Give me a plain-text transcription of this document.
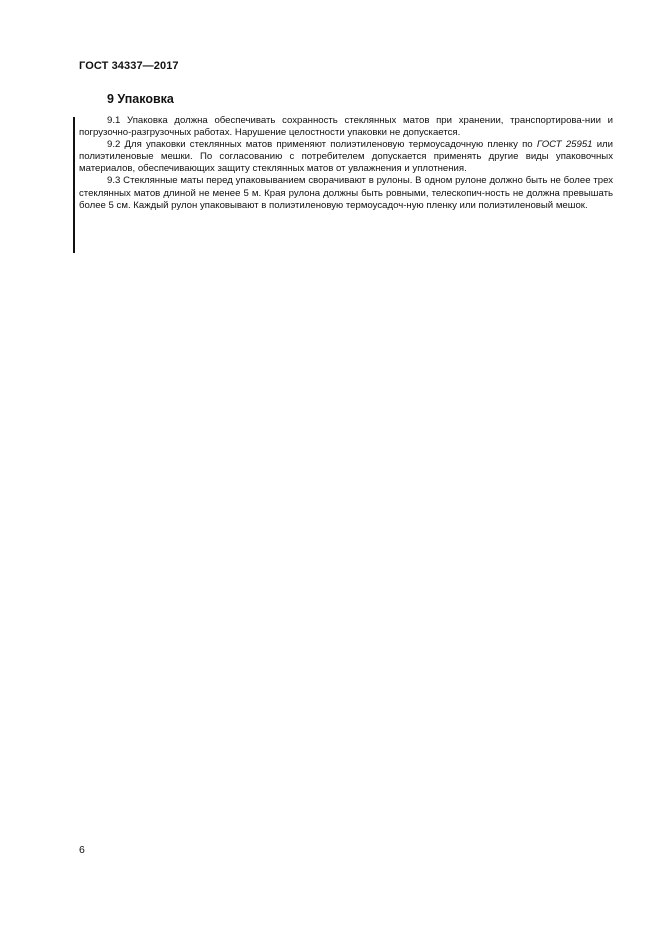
ГОСТ 34337—2017
9 Упаковка

9.1 Упаковка должна обеспечивать сохранность стеклянных матов при хранении, транспортирова-нии и погрузочно-разгрузочных работах. Нарушение целостности упаковки не допускается.

9.2 Для упаковки стеклянных матов применяют полиэтиленовую термоусадочную пленку по ГОСТ 25951 или полиэтиленовые мешки. По согласованию с потребителем допускается применять другие виды упаковочных материалов, обеспечивающих защиту стеклянных матов от увлажнения и уплотнения.

9.3 Стеклянные маты перед упаковыванием сворачивают в рулоны. В одном рулоне должно быть не более трех стеклянных матов длиной не менее 5 м. Края рулона должны быть ровными, телескопич-ность не должна превышать более 5 см. Каждый рулон упаковывают в полиэтиленовую термоусадоч-ную пленку или полиэтиленовый мешок.

6
